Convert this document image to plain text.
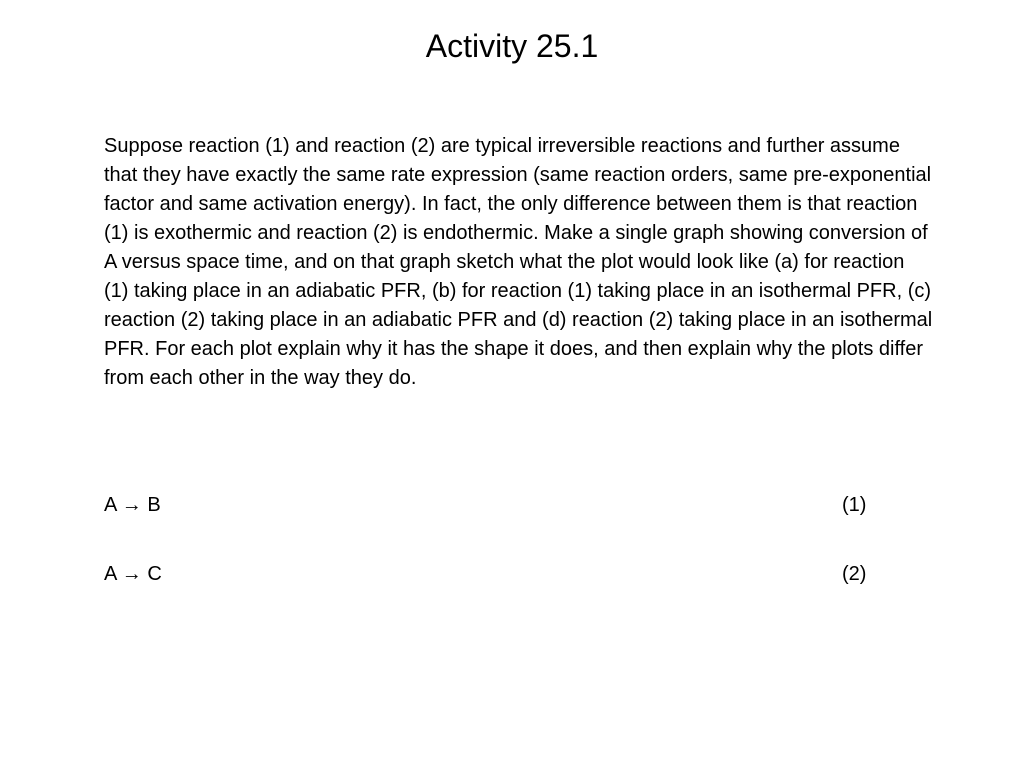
Activity 25.1

Suppose reaction (1) and reaction (2) are typical irreversible reactions and further assume that they have exactly the same rate expression (same reaction orders, same pre-exponential factor and same activation energy). In fact, the only difference between them is that reaction (1) is exothermic and reaction (2) is endothermic. Make a single graph showing conversion of A versus space time, and on that graph sketch what the plot would look like (a) for reaction (1) taking place in an adiabatic PFR, (b) for reaction (1) taking place in an isothermal PFR, (c) reaction (2) taking place in an adiabatic PFR and (d) reaction (2) taking place in an isothermal PFR. For each plot explain why it has the shape it does, and then explain why the plots differ from each other in the way they do.

A → B	(1)
A → C	(2)
